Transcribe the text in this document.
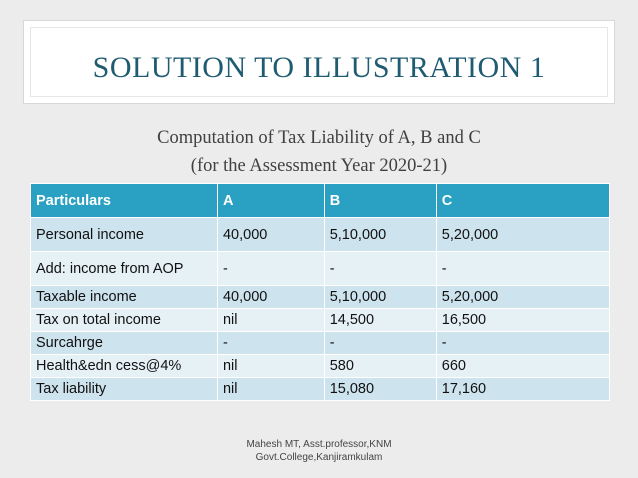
SOLUTION TO ILLUSTRATION 1
Computation of Tax Liability of A, B and C
(for the Assessment Year 2020-21)
Particulars	A	B	C
Personal income	40,000	5,10,000	5,20,000
Add: income from AOP	-	-	-
Taxable income	40,000	5,10,000	5,20,000
Tax on total income	nil	14,500	16,500
Surcahrge	-	-	-
Health&edn cess@4%	nil	580	660
Tax liability	nil	15,080	17,160
Mahesh MT, Asst.professor,KNM
Govt.College,Kanjiramkulam
